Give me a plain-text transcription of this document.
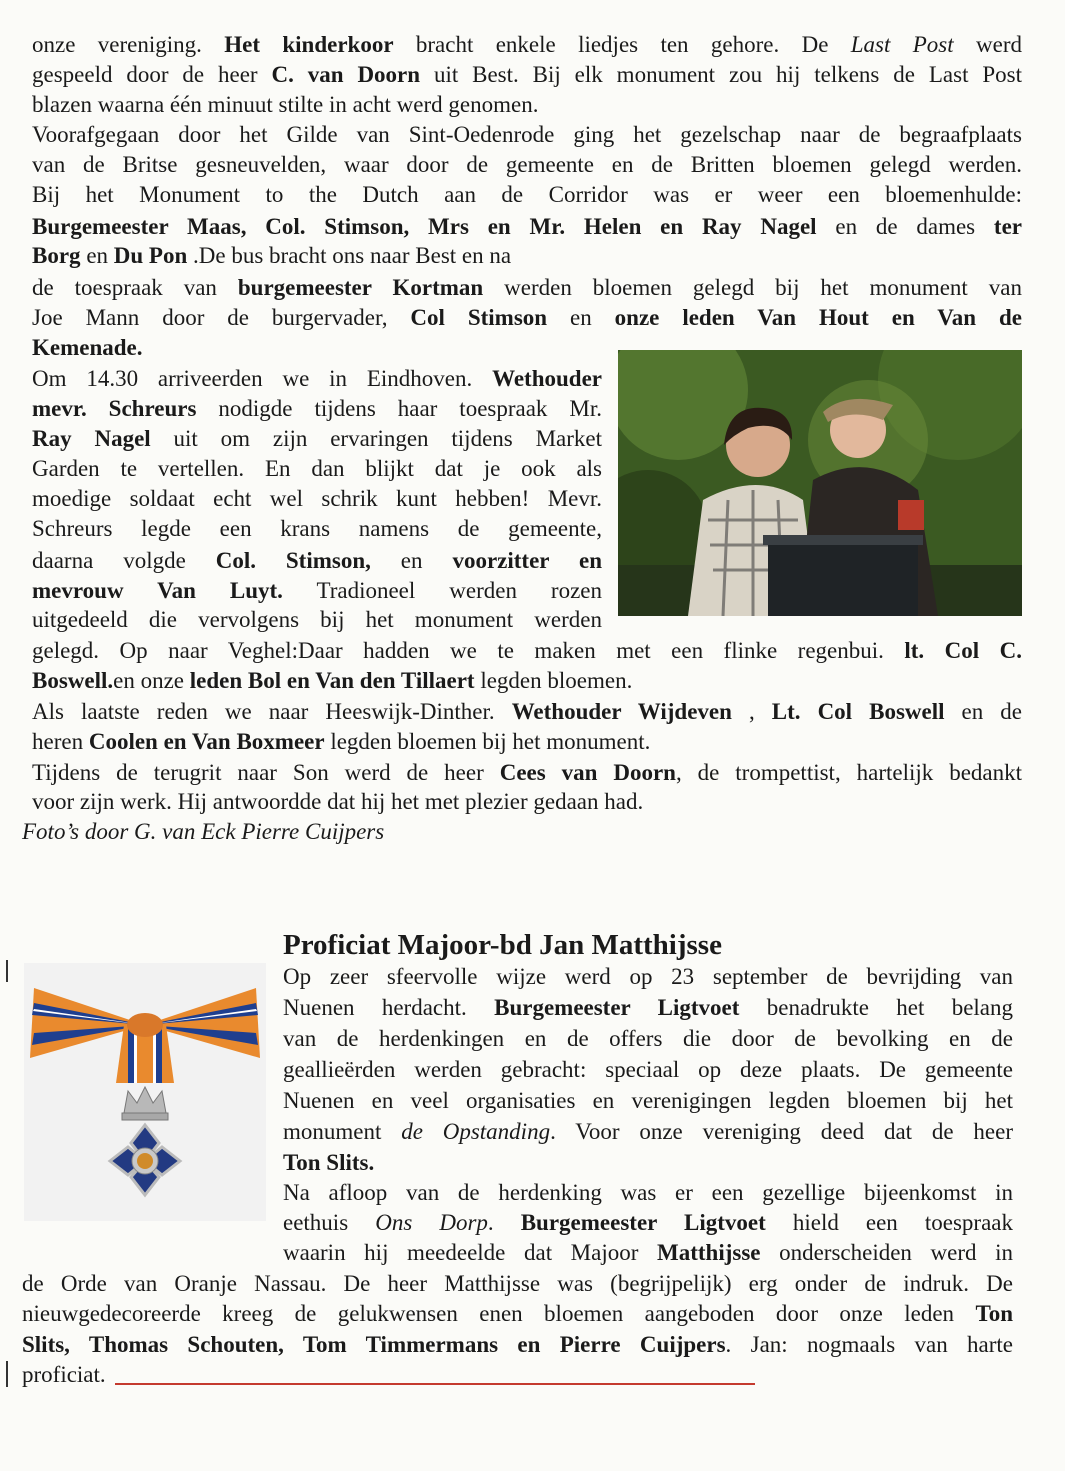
onze vereniging. Het kinderkoor bracht enkele liedjes ten gehore. De Last Post werd
gespeeld door de heer C. van Doorn uit Best. Bij elk monument zou hij telkens de Last Post
blazen waarna één minuut stilte in acht werd genomen.
Voorafgegaan door het Gilde van Sint-Oedenrode ging het gezelschap naar de begraafplaats
van de Britse gesneuvelden, waar door de gemeente en de Britten bloemen gelegd werden.
Bij het Monument to the Dutch aan de Corridor was er weer een bloemenhulde:
Burgemeester Maas, Col. Stimson, Mrs en Mr. Helen en Ray Nagel en de dames ter
Borg en Du Pon .De bus bracht ons naar Best en na
de toespraak van burgemeester Kortman werden bloemen gelegd bij het monument van
Joe Mann door de burgervader, Col Stimson en onze leden Van Hout en Van de
Kemenade.
Om 14.30 arriveerden we in Eindhoven. Wethouder
mevr. Schreurs nodigde tijdens haar toespraak Mr.
Ray Nagel uit om zijn ervaringen tijdens Market
Garden te vertellen. En dan blijkt dat je ook als
moedige soldaat echt wel schrik kunt hebben! Mevr.
Schreurs legde een krans namens de gemeente,
daarna volgde Col. Stimson, en voorzitter en
mevrouw Van Luyt. Tradioneel werden rozen
uitgedeeld die vervolgens bij het monument werden
gelegd. Op naar Veghel:Daar hadden we te maken met een flinke regenbui. lt. Col C.
Boswell.en onze leden Bol en Van den Tillaert legden bloemen.
Als laatste reden we naar Heeswijk-Dinther. Wethouder Wijdeven , Lt. Col Boswell en de
heren Coolen en Van Boxmeer legden bloemen bij het monument.
Tijdens de terugrit naar Son werd de heer Cees van Doorn, de trompettist, hartelijk bedankt
voor zijn werk. Hij antwoordde dat hij het met plezier gedaan had.
Foto’s door G. van Eck Pierre Cuijpers
Proficiat Majoor-bd Jan Matthijsse
Op zeer sfeervolle wijze werd op 23 september de bevrijding van
Nuenen herdacht. Burgemeester Ligtvoet benadrukte het belang
van de herdenkingen en de offers die door de bevolking en de
geallieërden werden gebracht: speciaal op deze plaats. De gemeente
Nuenen en veel organisaties en verenigingen legden bloemen bij het
monument de Opstanding. Voor onze vereniging deed dat de heer
Ton Slits.
Na afloop van de herdenking was er een gezellige bijeenkomst in
eethuis Ons Dorp. Burgemeester Ligtvoet hield een toespraak
waarin hij meedeelde dat Majoor Matthijsse onderscheiden werd in
de Orde van Oranje Nassau. De heer Matthijsse was (begrijpelijk) erg onder de indruk. De
nieuwgedecoreerde kreeg de gelukwensen enen bloemen aangeboden door onze leden Ton
Slits, Thomas Schouten, Tom Timmermans en Pierre Cuijpers. Jan: nogmaals van harte
proficiat.
